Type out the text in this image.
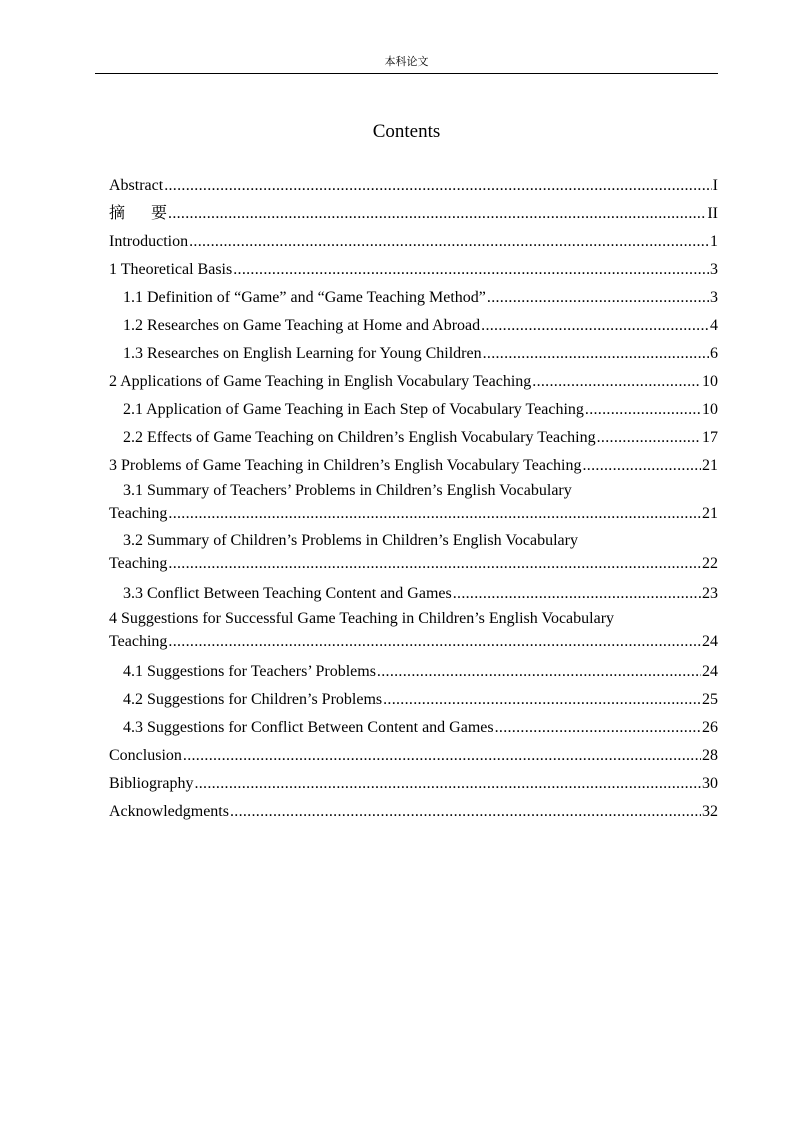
本科论文
Contents
Abstract .....	I
摘 要 .....	II
Introduction .....	1
1 Theoretical Basis .....	3
1.1 Definition of “Game” and “Game Teaching Method” .....	3
1.2 Researches on Game Teaching at Home and Abroad .....	4
1.3 Researches on English Learning for Young Children .....	6
2 Applications of Game Teaching in English Vocabulary Teaching .....	10
2.1 Application of Game Teaching in Each Step of Vocabulary Teaching .....	10
2.2 Effects of Game Teaching on Children’s English Vocabulary Teaching .....	17
3 Problems of Game Teaching in Children’s English Vocabulary Teaching .....	21
3.1 Summary of Teachers’ Problems in Children’s English Vocabulary
Teaching .....	21
3.2 Summary of Children’s Problems in Children’s English Vocabulary
Teaching .....	22
3.3 Conflict Between Teaching Content and Games .....	23
4 Suggestions for Successful Game Teaching in Children’s English Vocabulary
Teaching .....	24
4.1 Suggestions for Teachers’ Problems .....	24
4.2 Suggestions for Children’s Problems .....	25
4.3 Suggestions for Conflict Between Content and Games .....	26
Conclusion .....	28
Bibliography .....	30
Acknowledgments .....	32
